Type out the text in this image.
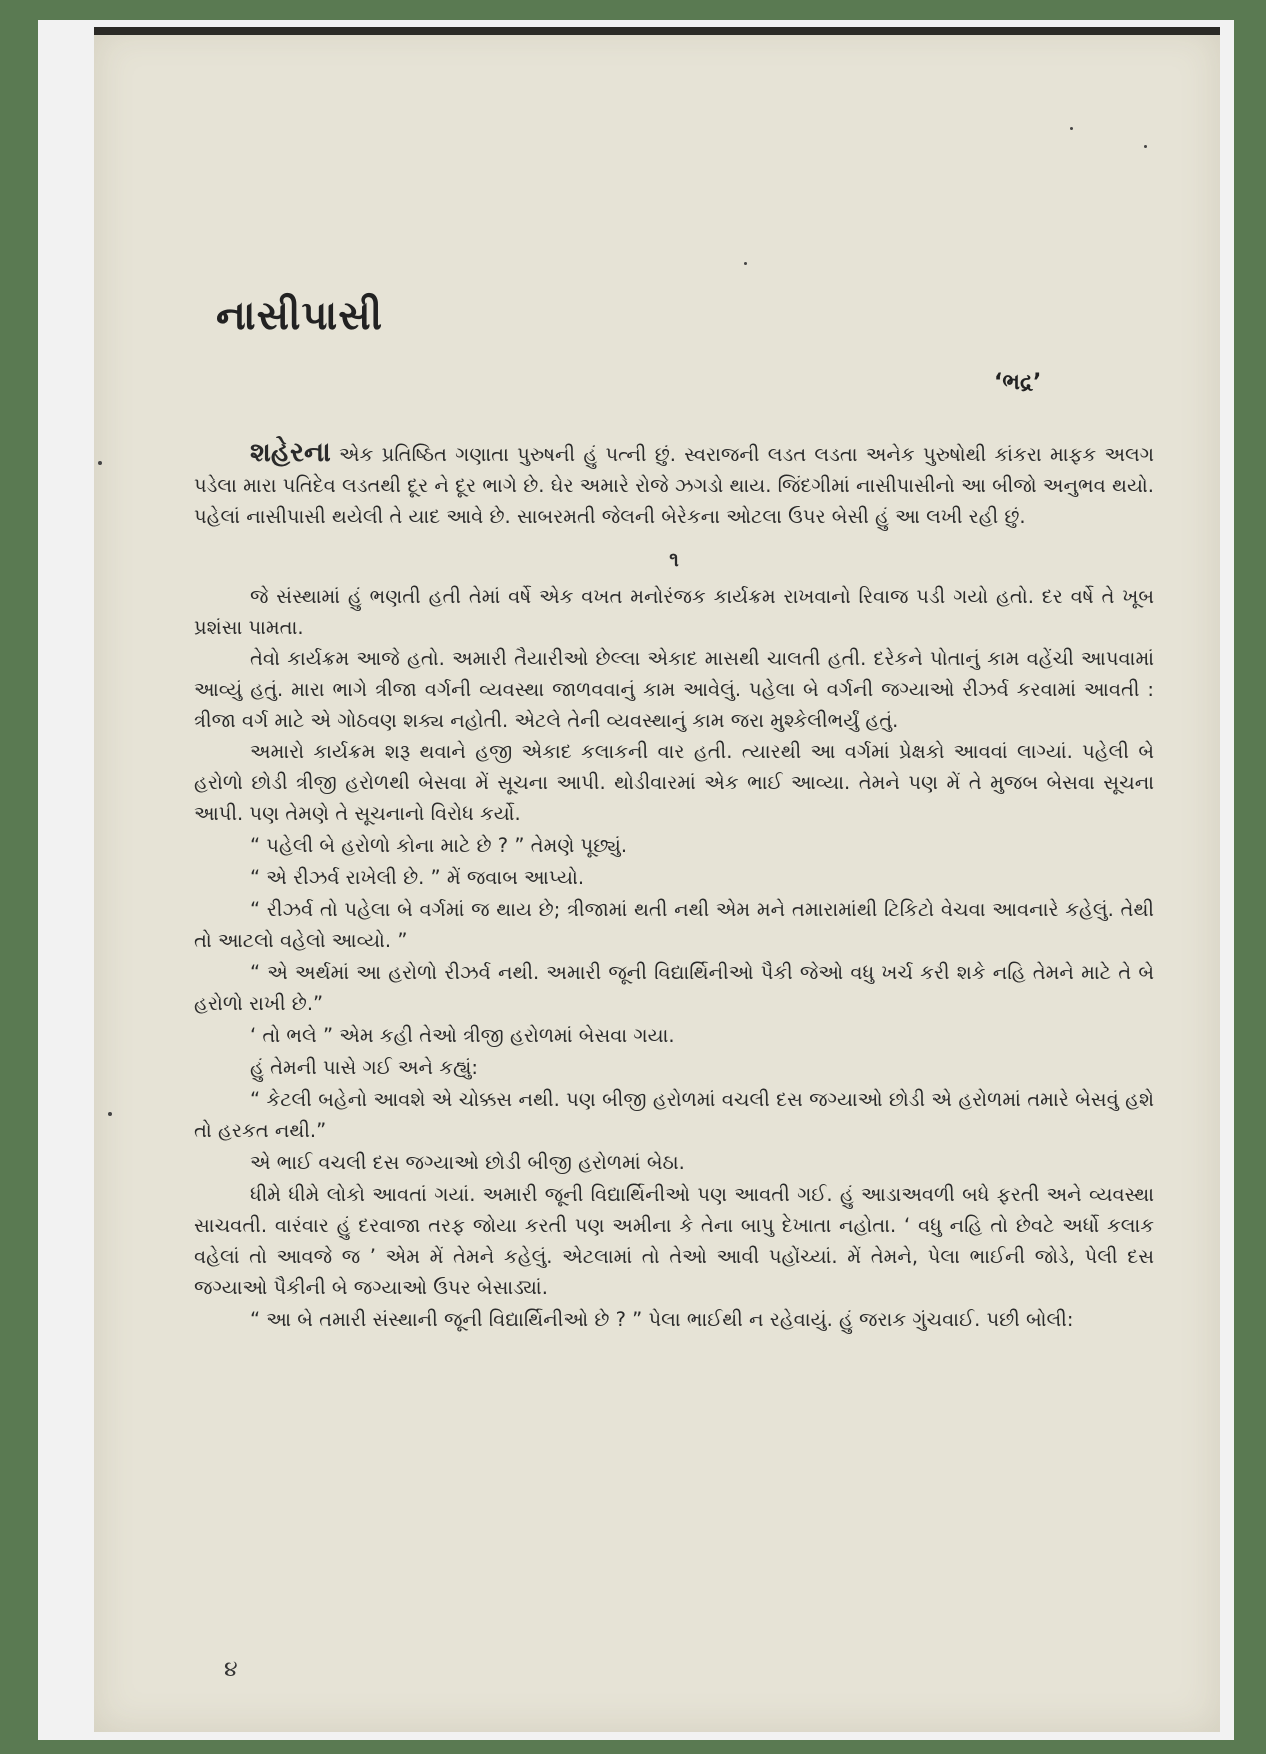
નાસીપાસી
‘ભદ્ર’

શહેરના એક પ્રતિષ્ઠિત ગણાતા પુરુષની હું પત્ની છું. સ્વરાજની લડત લડતા અનેક પુરુષોથી કાંકરા માફક અલગ પડેલા મારા પતિદેવ લડતથી દૂર ને દૂર ભાગે છે. ઘેર અમારે રોજે ઝગડો થાય. જિંદગીમાં નાસીપાસીનો આ બીજો અનુભવ થયો. પહેલાં નાસીપાસી થયેલી તે યાદ આવે છે. સાબરમતી જેલની બેરેકના ઓટલા ઉપર બેસી હું આ લખી રહી છું.

૧

જે સંસ્થામાં હું ભણતી હતી તેમાં વર્ષે એક વખત મનોરંજક કાર્યક્રમ રાખવાનો રિવાજ પડી ગયો હતો. દર વર્ષે તે ખૂબ પ્રશંસા પામતા.

તેવો કાર્યક્રમ આજે હતો. અમારી તૈયારીઓ છેલ્લા એકાદ માસથી ચાલતી હતી. દરેકને પોતાનું કામ વહેંચી આપવામાં આવ્યું હતું. મારા ભાગે ત્રીજા વર્ગની વ્યવસ્થા જાળવવાનું કામ આવેલું. પહેલા બે વર્ગની જગ્યાઓ રીઝર્વ કરવામાં આવતી : ત્રીજા વર્ગ માટે એ ગોઠવણ શક્ય નહોતી. એટલે તેની વ્યવસ્થાનું કામ જરા મુશ્કેલીભર્યું હતું.

અમારો કાર્યક્રમ શરૂ થવાને હજી એકાદ કલાકની વાર હતી. ત્યારથી આ વર્ગમાં પ્રેક્ષકો આવવાં લાગ્યાં. પહેલી બે હરોળો છોડી ત્રીજી હરોળથી બેસવા મેં સૂચના આપી. થોડીવારમાં એક ભાઈ આવ્યા. તેમને પણ મેં તે મુજબ બેસવા સૂચના આપી. પણ તેમણે તે સૂચનાનો વિરોધ કર્યો.

“ પહેલી બે હરોળો કોના માટે છે ? ” તેમણે પૂછ્યું.

“ એ રીઝર્વ રાખેલી છે. ” મેં જવાબ આપ્યો.

“ રીઝર્વ તો પહેલા બે વર્ગમાં જ થાય છે; ત્રીજામાં થતી નથી એમ મને તમારામાંથી ટિકિટો વેચવા આવનારે કહેલું. તેથી તો આટલો વહેલો આવ્યો. ”

“ એ અર્થમાં આ હરોળો રીઝર્વ નથી. અમારી જૂની વિદ્યાર્થિનીઓ પૈકી જેઓ વધુ ખર્ચ કરી શકે નહિ તેમને માટે તે બે હરોળો રાખી છે.”

‘ તો ભલે ” એમ કહી તેઓ ત્રીજી હરોળમાં બેસવા ગયા.

હું તેમની પાસે ગઈ અને કહ્યું:

“ કેટલી બહેનો આવશે એ ચોક્કસ નથી. પણ બીજી હરોળમાં વચલી દસ જગ્યાઓ છોડી એ હરોળમાં તમારે બેસવું હશે તો હરકત નથી.”

એ ભાઈ વચલી દસ જગ્યાઓ છોડી બીજી હરોળમાં બેઠા.

ધીમે ધીમે લોકો આવતાં ગયાં. અમારી જૂની વિદ્યાર્થિનીઓ પણ આવતી ગઈ. હું આડાઅવળી બધે ફરતી અને વ્યવસ્થા સાચવતી. વારંવાર હું દરવાજા તરફ જોયા કરતી પણ અમીના કે તેના બાપુ દેખાતા નહોતા. ‘ વધુ નહિ તો છેવટે અર્ધો કલાક વહેલાં તો આવજે જ ’ એમ મેં તેમને કહેલું. એટલામાં તો તેઓ આવી પહોંચ્યાં. મેં તેમને, પેલા ભાઈની જોડે, પેલી દસ જગ્યાઓ પૈકીની બે જગ્યાઓ ઉપર બેસાડ્યાં.

“ આ બે તમારી સંસ્થાની જૂની વિદ્યાર્થિનીઓ છે ? ” પેલા ભાઈથી ન રહેવાયું. હું જરાક ગુંચવાઈ. પછી બોલી:

૪
